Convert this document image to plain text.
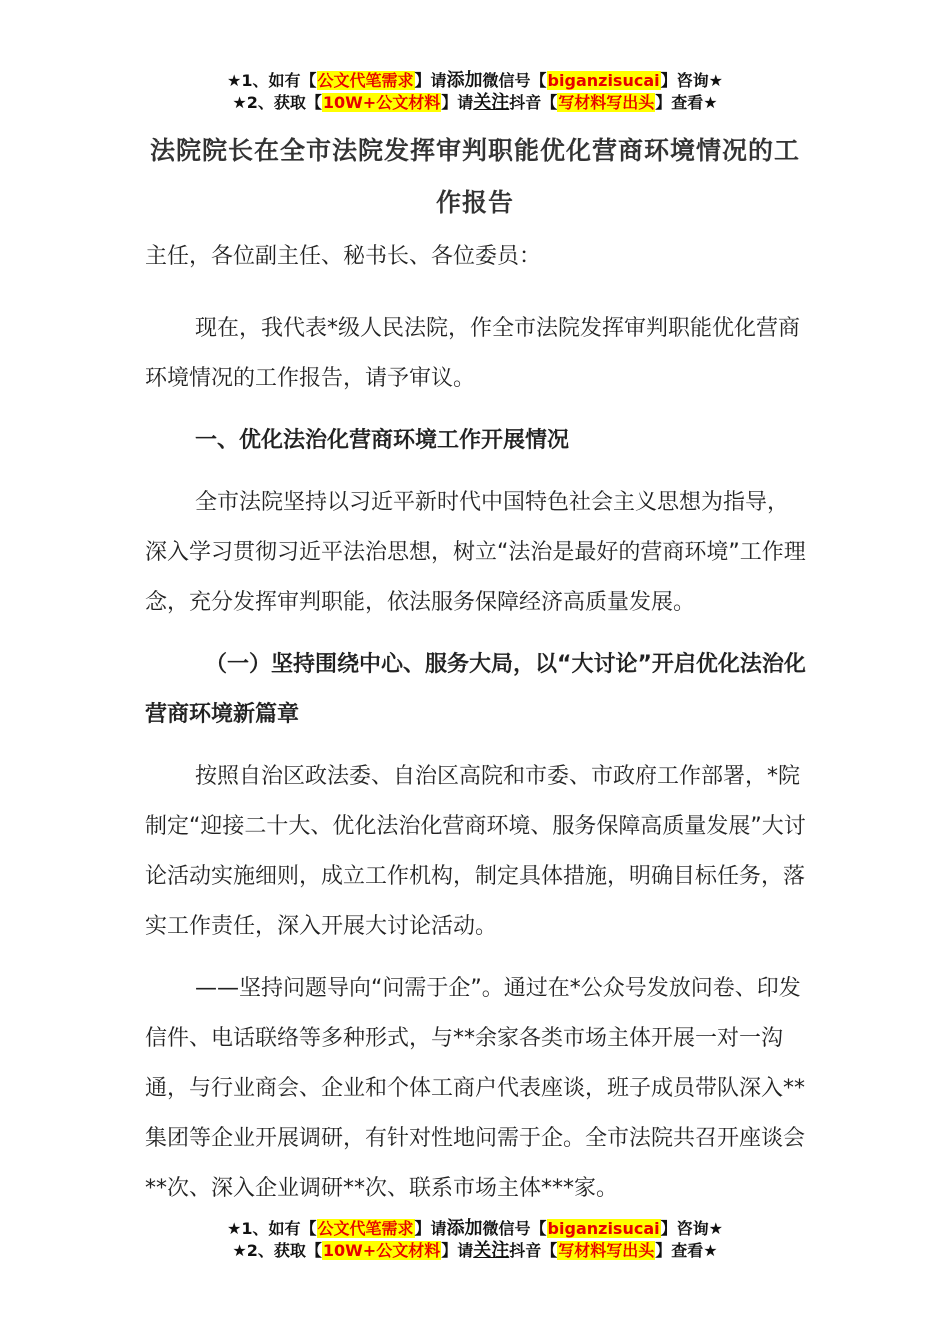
★1、如有【公文代笔需求】请添加微信号【biganzisucai】咨询★
★2、获取【10W+公文材料】请关注抖音【写材料写出头】查看★
法院院长在全市法院发挥审判职能优化营商环境情况的工作报告

主任，各位副主任、秘书长、各位委员：

现在，我代表*级人民法院，作全市法院发挥审判职能优化营商环境情况的工作报告，请予审议。

一、优化法治化营商环境工作开展情况

全市法院坚持以习近平新时代中国特色社会主义思想为指导，深入学习贯彻习近平法治思想，树立“法治是最好的营商环境”工作理念，充分发挥审判职能，依法服务保障经济高质量发展。

（一）坚持围绕中心、服务大局，以“大讨论”开启优化法治化营商环境新篇章

按照自治区政法委、自治区高院和市委、市政府工作部署，*院制定“迎接二十大、优化法治化营商环境、服务保障高质量发展”大讨论活动实施细则，成立工作机构，制定具体措施，明确目标任务，落实工作责任，深入开展大讨论活动。

——坚持问题导向“问需于企”。通过在*公众号发放问卷、印发信件、电话联络等多种形式，与**余家各类市场主体开展一对一沟通，与行业商会、企业和个体工商户代表座谈，班子成员带队深入**集团等企业开展调研，有针对性地问需于企。全市法院共召开座谈会**次、深入企业调研**次、联系市场主体***家。

★1、如有【公文代笔需求】请添加微信号【biganzisucai】咨询★
★2、获取【10W+公文材料】请关注抖音【写材料写出头】查看★
